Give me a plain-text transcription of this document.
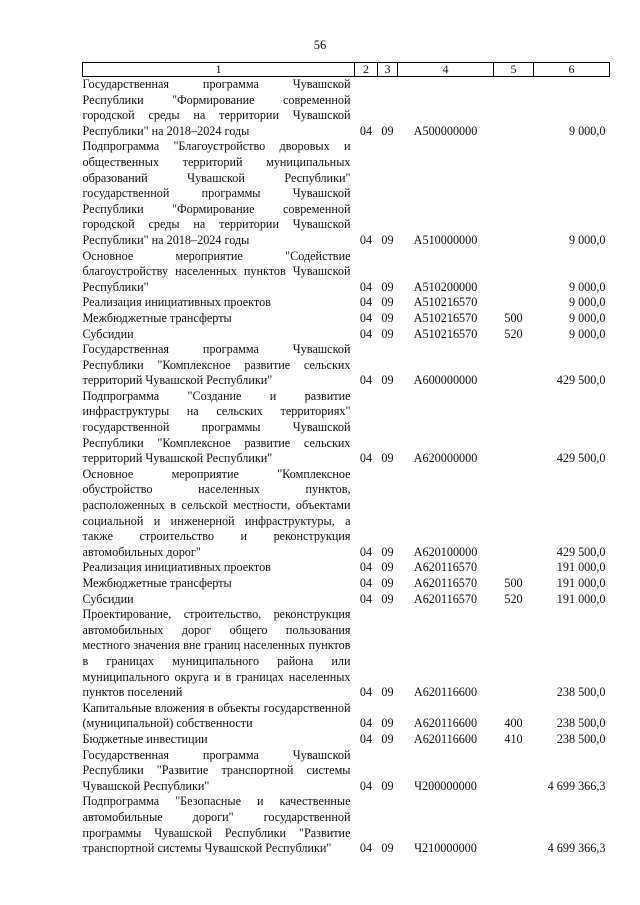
56
1	2	3	4	5	6
Государственная программа Чувашской Республики "Формирование современной городской среды на территории Чувашской Республики" на 2018–2024 годы	04	09	А500000000		9 000,0
Подпрограмма "Благоустройство дворовых и общественных территорий муниципальных образований Чувашской Республики" государственной программы Чувашской Республики "Формирование современной городской среды на территории Чувашской Республики" на 2018–2024 годы	04	09	А510000000		9 000,0
Основное мероприятие "Содействие благоустройству населенных пунктов Чувашской Республики"	04	09	А510200000		9 000,0
Реализация инициативных проектов	04	09	А510216570		9 000,0
Межбюджетные трансферты	04	09	А510216570	500	9 000,0
Субсидии	04	09	А510216570	520	9 000,0
Государственная программа Чувашской Республики "Комплексное развитие сельских территорий Чувашской Республики"	04	09	А600000000		429 500,0
Подпрограмма "Создание и развитие инфраструктуры на сельских территориях" государственной программы Чувашской Республики "Комплексное развитие сельских территорий Чувашской Республики"	04	09	А620000000		429 500,0
Основное мероприятие "Комплексное обустройство населенных пунктов, расположенных в сельской местности, объектами социальной и инженерной инфраструктуры, а также строительство и реконструкция автомобильных дорог"	04	09	А620100000		429 500,0
Реализация инициативных проектов	04	09	А620116570		191 000,0
Межбюджетные трансферты	04	09	А620116570	500	191 000,0
Субсидии	04	09	А620116570	520	191 000,0
Проектирование, строительство, реконструкция автомобильных дорог общего пользования местного значения вне границ населенных пунктов в границах муниципального района или муниципального округа и в границах населенных пунктов поселений	04	09	А620116600		238 500,0
Капитальные вложения в объекты государственной (муниципальной) собственности	04	09	А620116600	400	238 500,0
Бюджетные инвестиции	04	09	А620116600	410	238 500,0
Государственная программа Чувашской Республики "Развитие транспортной системы Чувашской Республики"	04	09	Ч200000000		4 699 366,3
Подпрограмма "Безопасные и качественные автомобильные дороги" государственной программы Чувашской Республики "Развитие транспортной системы Чувашской Республики"	04	09	Ч210000000		4 699 366,3
